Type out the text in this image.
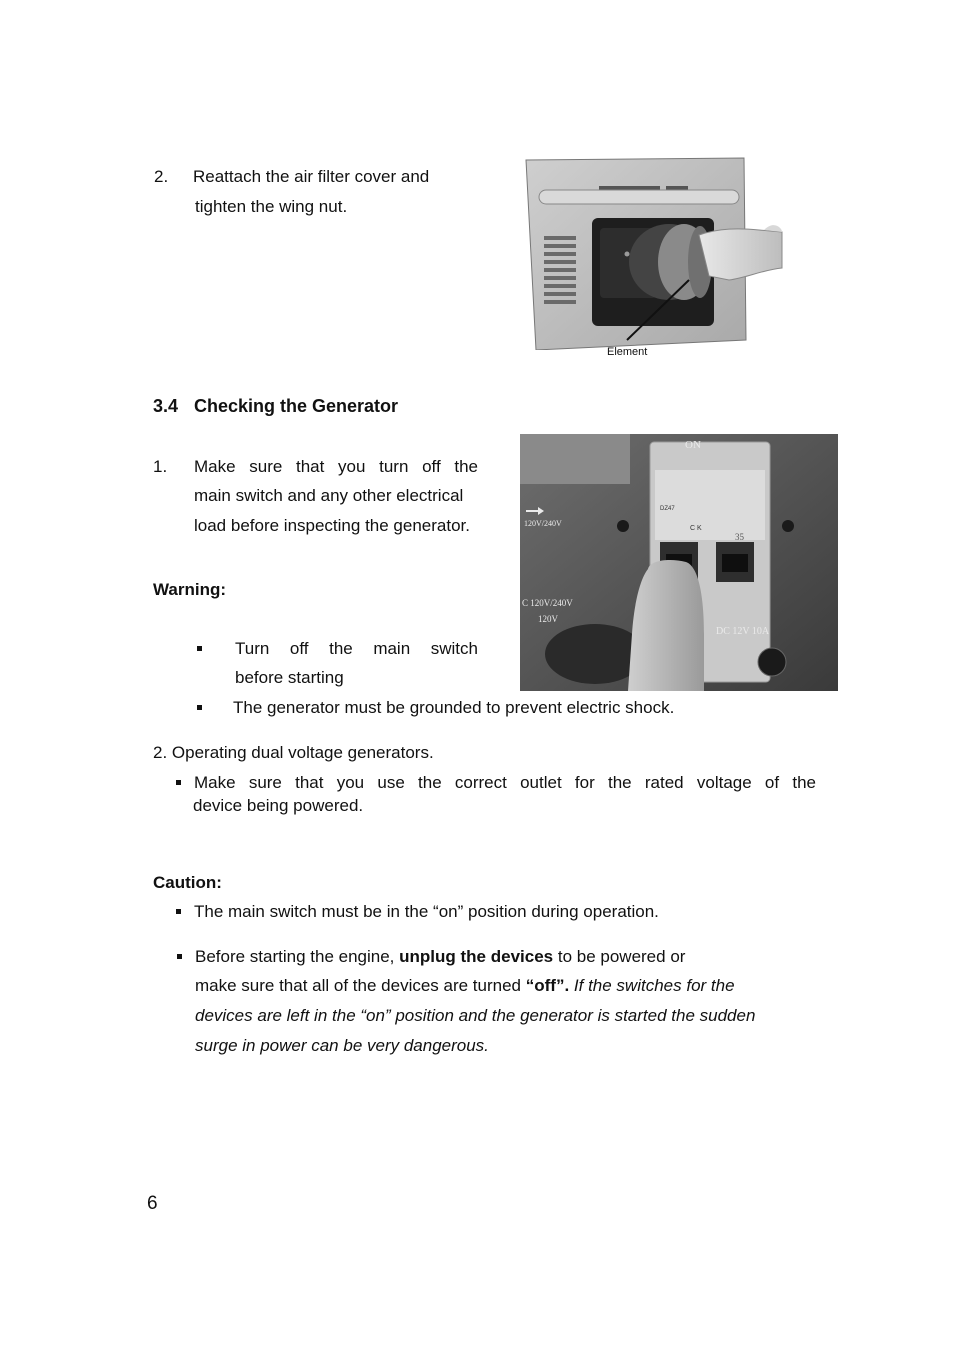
2. Reattach the air filter cover and
tighten the wing nut.
Element
3.4 Checking the Generator
1. Make sure that you turn off the
main switch and any other electrical
load before inspecting the generator.
ON
120V/240V
C 120V/240V
120V
DC 12V 10A
DZ47
C K
35
Warning:
Turn off the main switch
before starting
The generator must be grounded to prevent electric shock.
2. Operating dual voltage generators.
Make sure that you use the correct outlet for the rated voltage of the
device being powered.
Caution:
The main switch must be in the “on” position during operation.
Before starting the engine, unplug the devices to be powered or
make sure that all of the devices are turned “off”. If the switches for the
devices are left in the “on” position and the generator is started the sudden
surge in power can be very dangerous.
6
